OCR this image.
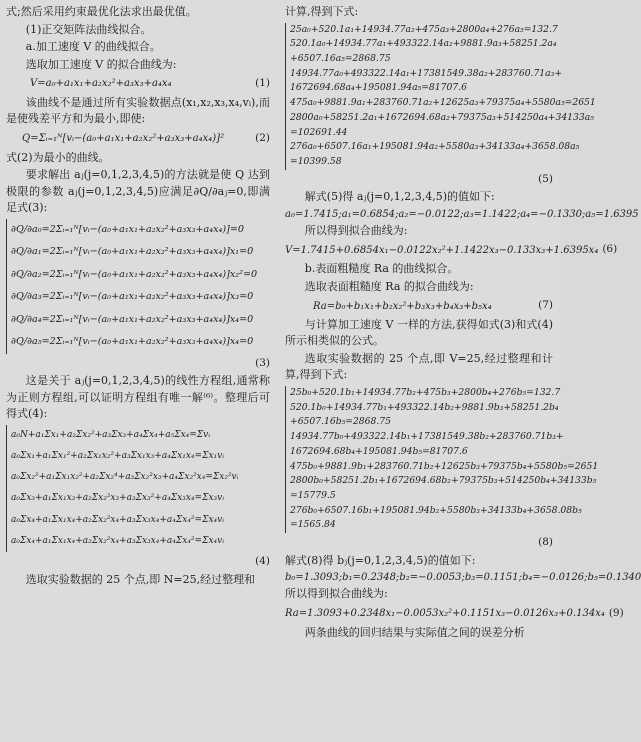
式;然后采用约束最优化法求出最优值。

(1)正交矩阵法曲线拟合。

a.加工速度 V 的曲线拟合。

选取加工速度 V 的拟合曲线为:

V=a₀+a₁x₁+a₂x₂²+a₃x₃+a₄x₄	(1)

该曲线不是通过所有实验数据点(x₁,x₂,x₃,x₄,vᵢ),而是使残差平方和为最小,即使:

Q=Σᵢ₌₁ᴺ[vᵢ−(a₀+a₁x₁+a₂x₂²+a₃x₃+a₄x₄)]²	(2)

式(2)为最小的曲线。

要求解出 aⱼ(j=0,1,2,3,4,5)的方法就是使 Q 达到极限的参数 aⱼ(j=0,1,2,3,4,5)应满足∂Q/∂aⱼ=0,即满足式(3):

∂Q/∂a₀=2Σᵢ₌₁ᴺ[vᵢ−(a₀+a₁x₁+a₂x₂²+a₃x₃+a₄x₄)]=0
∂Q/∂a₁=2Σᵢ₌₁ᴺ[vᵢ−(a₀+a₁x₁+a₂x₂²+a₃x₃+a₄x₄)]x₁=0
∂Q/∂a₂=2Σᵢ₌₁ᴺ[vᵢ−(a₀+a₁x₁+a₂x₂²+a₃x₃+a₄x₄)]x₂²=0
∂Q/∂a₃=2Σᵢ₌₁ᴺ[vᵢ−(a₀+a₁x₁+a₂x₂²+a₃x₃+a₄x₄)]x₃=0
∂Q/∂a₄=2Σᵢ₌₁ᴺ[vᵢ−(a₀+a₁x₁+a₂x₂²+a₃x₃+a₄x₄)]x₄=0
∂Q/∂a₅=2Σᵢ₌₁ᴺ[vᵢ−(a₀+a₁x₁+a₂x₂²+a₃x₃+a₄x₄)]x₄=0
(3)

这是关于 aⱼ(j=0,1,2,3,4,5)的线性方程组,通常称为正则方程组,可以证明方程组有唯一解⁽⁶⁾。整理后可得式(4):

a₀N+a₁Σx₁+a₂Σx₂²+a₃Σx₃+a₄Σx₄+a₅Σx₄=Σvᵢ
a₀Σx₁+a₁Σx₁²+a₂Σx₁x₂²+a₃Σx₁x₃+a₄Σx₁x₄=Σx₁vᵢ
a₀Σx₂²+a₁Σx₁x₂²+a₂Σx₂⁴+a₃Σx₂²x₃+a₄Σx₂²x₄=Σx₂²vᵢ
a₀Σx₃+a₁Σx₁x₃+a₂Σx₂²x₃+a₃Σx₃²+a₄Σx₃x₄=Σx₃vᵢ
a₀Σx₄+a₁Σx₁x₄+a₂Σx₂²x₄+a₃Σx₃x₄+a₄Σx₄²=Σx₄vᵢ
a₀Σx₄+a₁Σx₁x₄+a₂Σx₂²x₄+a₃Σx₃x₄+a₄Σx₄²=Σx₄vᵢ
(4)

选取实验数据的 25 个点,即 N=25,经过整理和

计算,得到下式:

25a₀+520.1a₁+14934.77a₂+475a₃+2800a₄+276a₅=132.7
520.1a₀+14934.77a₁+493322.14a₂+9881.9a₃+58251.2a₄
+6507.16a₅=2868.75
14934.77a₀+493322.14a₁+17381549.38a₂+283760.71a₃+
1672694.68a₄+195081.94a₅=81707.6
475a₀+9881.9a₁+283760.71a₂+12625a₃+79375a₄+5580a₅=2651
2800a₀+58251.2a₁+1672694.68a₂+79375a₃+514250a₄+34133a₅
=102691.44
276a₀+6507.16a₁+195081.94a₂+5580a₃+34133a₄+3658.08a₅
=10399.58
(5)

解式(5)得 aⱼ(j=0,1,2,3,4,5)的值如下:

a₀=1.7415;a₁=0.6854;a₂=−0.0122;a₃=1.1422;a₄=−0.1330;a₅=1.6395

所以得到拟合曲线为:

V=1.7415+0.6854x₁−0.0122x₂²+1.1422x₃−0.133x₃+1.6395x₄ (6)

b.表面粗糙度 Ra 的曲线拟合。

选取表面粗糙度 Ra 的拟合曲线为:

Ra=b₀+b₁x₁+b₂x₂²+b₃x₃+b₄x₃+b₅x₄	(7)

与计算加工速度 V 一样的方法,获得如式(3)和式(4)所示相类似的公式。

选取实验数据的 25 个点,即 V=25,经过整理和计算,得到下式:

25b₀+520.1b₁+14934.77b₂+475b₃+2800b₄+276b₅=132.7
520.1b₀+14934.77b₁+493322.14b₂+9881.9b₃+58251.2b₄
+6507.16b₅=2868.75
14934.77b₀+493322.14b₁+17381549.38b₂+283760.71b₃+
1672694.68b₄+195081.94b₅=81707.6
475b₀+9881.9b₁+283760.71b₂+12625b₃+79375b₄+5580b₅=2651
2800b₀+58251.2b₁+1672694.68b₂+79375b₃+514250b₄+34133b₅
=15779.5
276b₀+6507.16b₁+195081.94b₂+5580b₃+34133b₄+3658.08b₅
=1565.84
(8)

解式(8)得 bⱼ(j=0,1,2,3,4,5)的值如下:

b₀=1.3093;b₁=0.2348;b₂=−0.0053;b₃=0.1151;b₄=−0.0126;b₅=0.1340

所以得到拟合曲线为:

Ra=1.3093+0.2348x₁−0.0053x₂²+0.1151x₃−0.0126x₃+0.134x₄ (9)

两条曲线的回归结果与实际值之间的误差分析
